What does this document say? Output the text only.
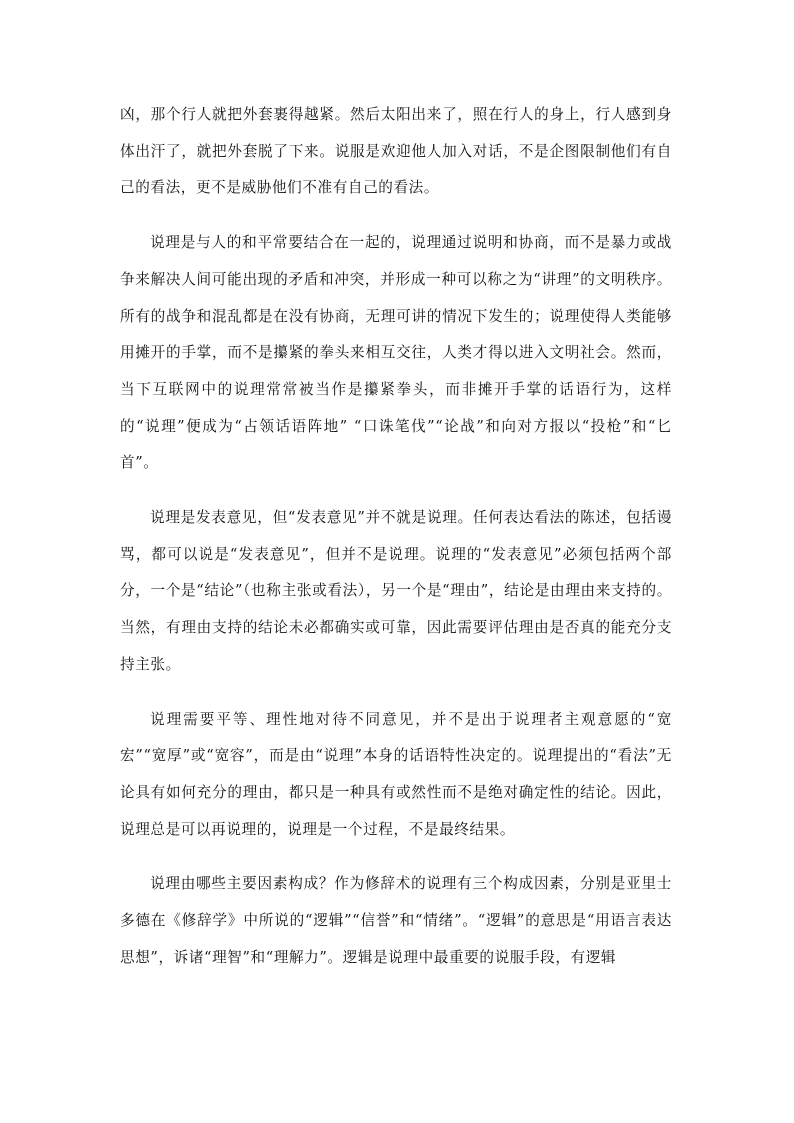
凶，那个行人就把外套裹得越紧。然后太阳出来了，照在行人的身上，行人感到身体出汗了，就把外套脱了下来。说服是欢迎他人加入对话，不是企图限制他们有自己的看法，更不是威胁他们不准有自己的看法。

说理是与人的和平常要结合在一起的，说理通过说明和协商，而不是暴力或战争来解决人间可能出现的矛盾和冲突，并形成一种可以称之为“讲理”的文明秩序。所有的战争和混乱都是在没有协商，无理可讲的情况下发生的；说理使得人类能够用摊开的手掌，而不是攥紧的拳头来相互交往，人类才得以进入文明社会。然而，当下互联网中的说理常常被当作是攥紧拳头，而非摊开手掌的话语行为，这样的“说理”便成为“占领话语阵地” “口诛笔伐”“论战”和向对方报以“投枪”和“匕首”。

说理是发表意见，但“发表意见”并不就是说理。任何表达看法的陈述，包括谩骂，都可以说是“发表意见”，但并不是说理。说理的“发表意见”必须包括两个部分，一个是“结论”（也称主张或看法），另一个是“理由”，结论是由理由来支持的。当然，有理由支持的结论未必都确实或可靠，因此需要评估理由是否真的能充分支持主张。

说理需要平等、理性地对待不同意见，并不是出于说理者主观意愿的“宽宏”“宽厚”或“宽容”，而是由“说理”本身的话语特性决定的。说理提出的“看法”无论具有如何充分的理由，都只是一种具有或然性而不是绝对确定性的结论。因此，说理总是可以再说理的，说理是一个过程，不是最终结果。

说理由哪些主要因素构成？作为修辞术的说理有三个构成因素，分别是亚里士多德在《修辞学》中所说的“逻辑”“信誉”和“情绪”。“逻辑”的意思是“用语言表达思想”，诉诸“理智”和“理解力”。逻辑是说理中最重要的说服手段，有逻辑
